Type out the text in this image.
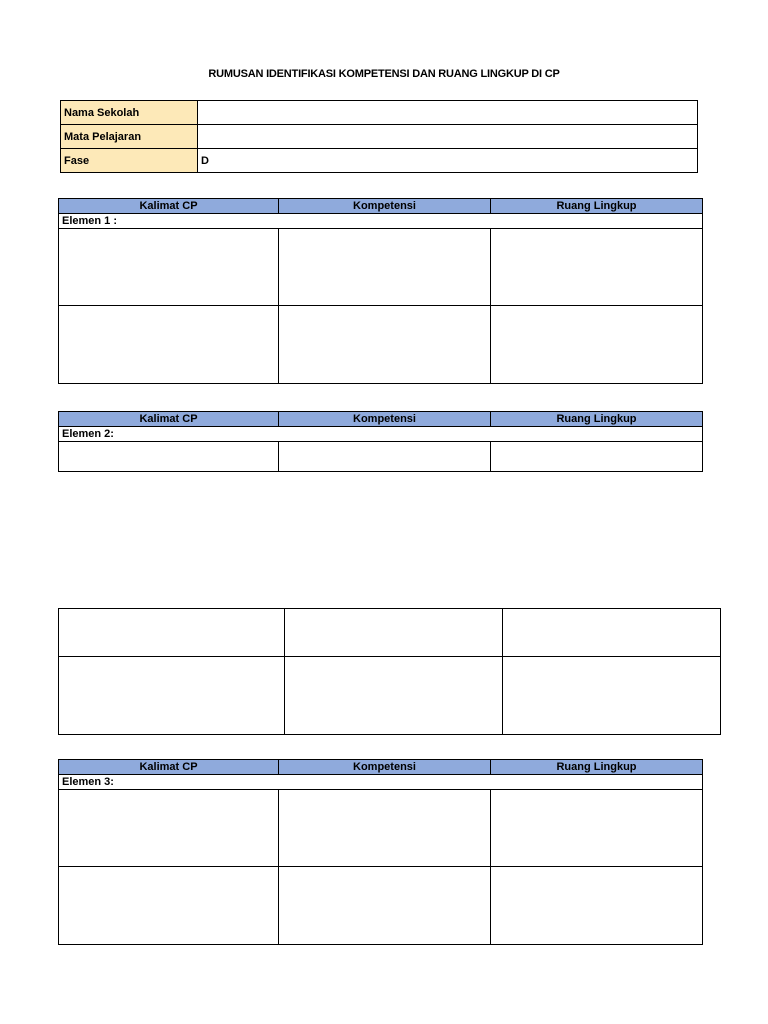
RUMUSAN IDENTIFIKASI KOMPETENSI DAN RUANG LINGKUP DI CP
Nama Sekolah	
Mata Pelajaran	
Fase	D
Kalimat CP	Kompetensi	Ruang Lingkup
Elemen 1 :		

Kalimat CP	Kompetensi	Ruang Lingkup
Elemen 2:		

Kalimat CP	Kompetensi	Ruang Lingkup
Elemen 3:		
